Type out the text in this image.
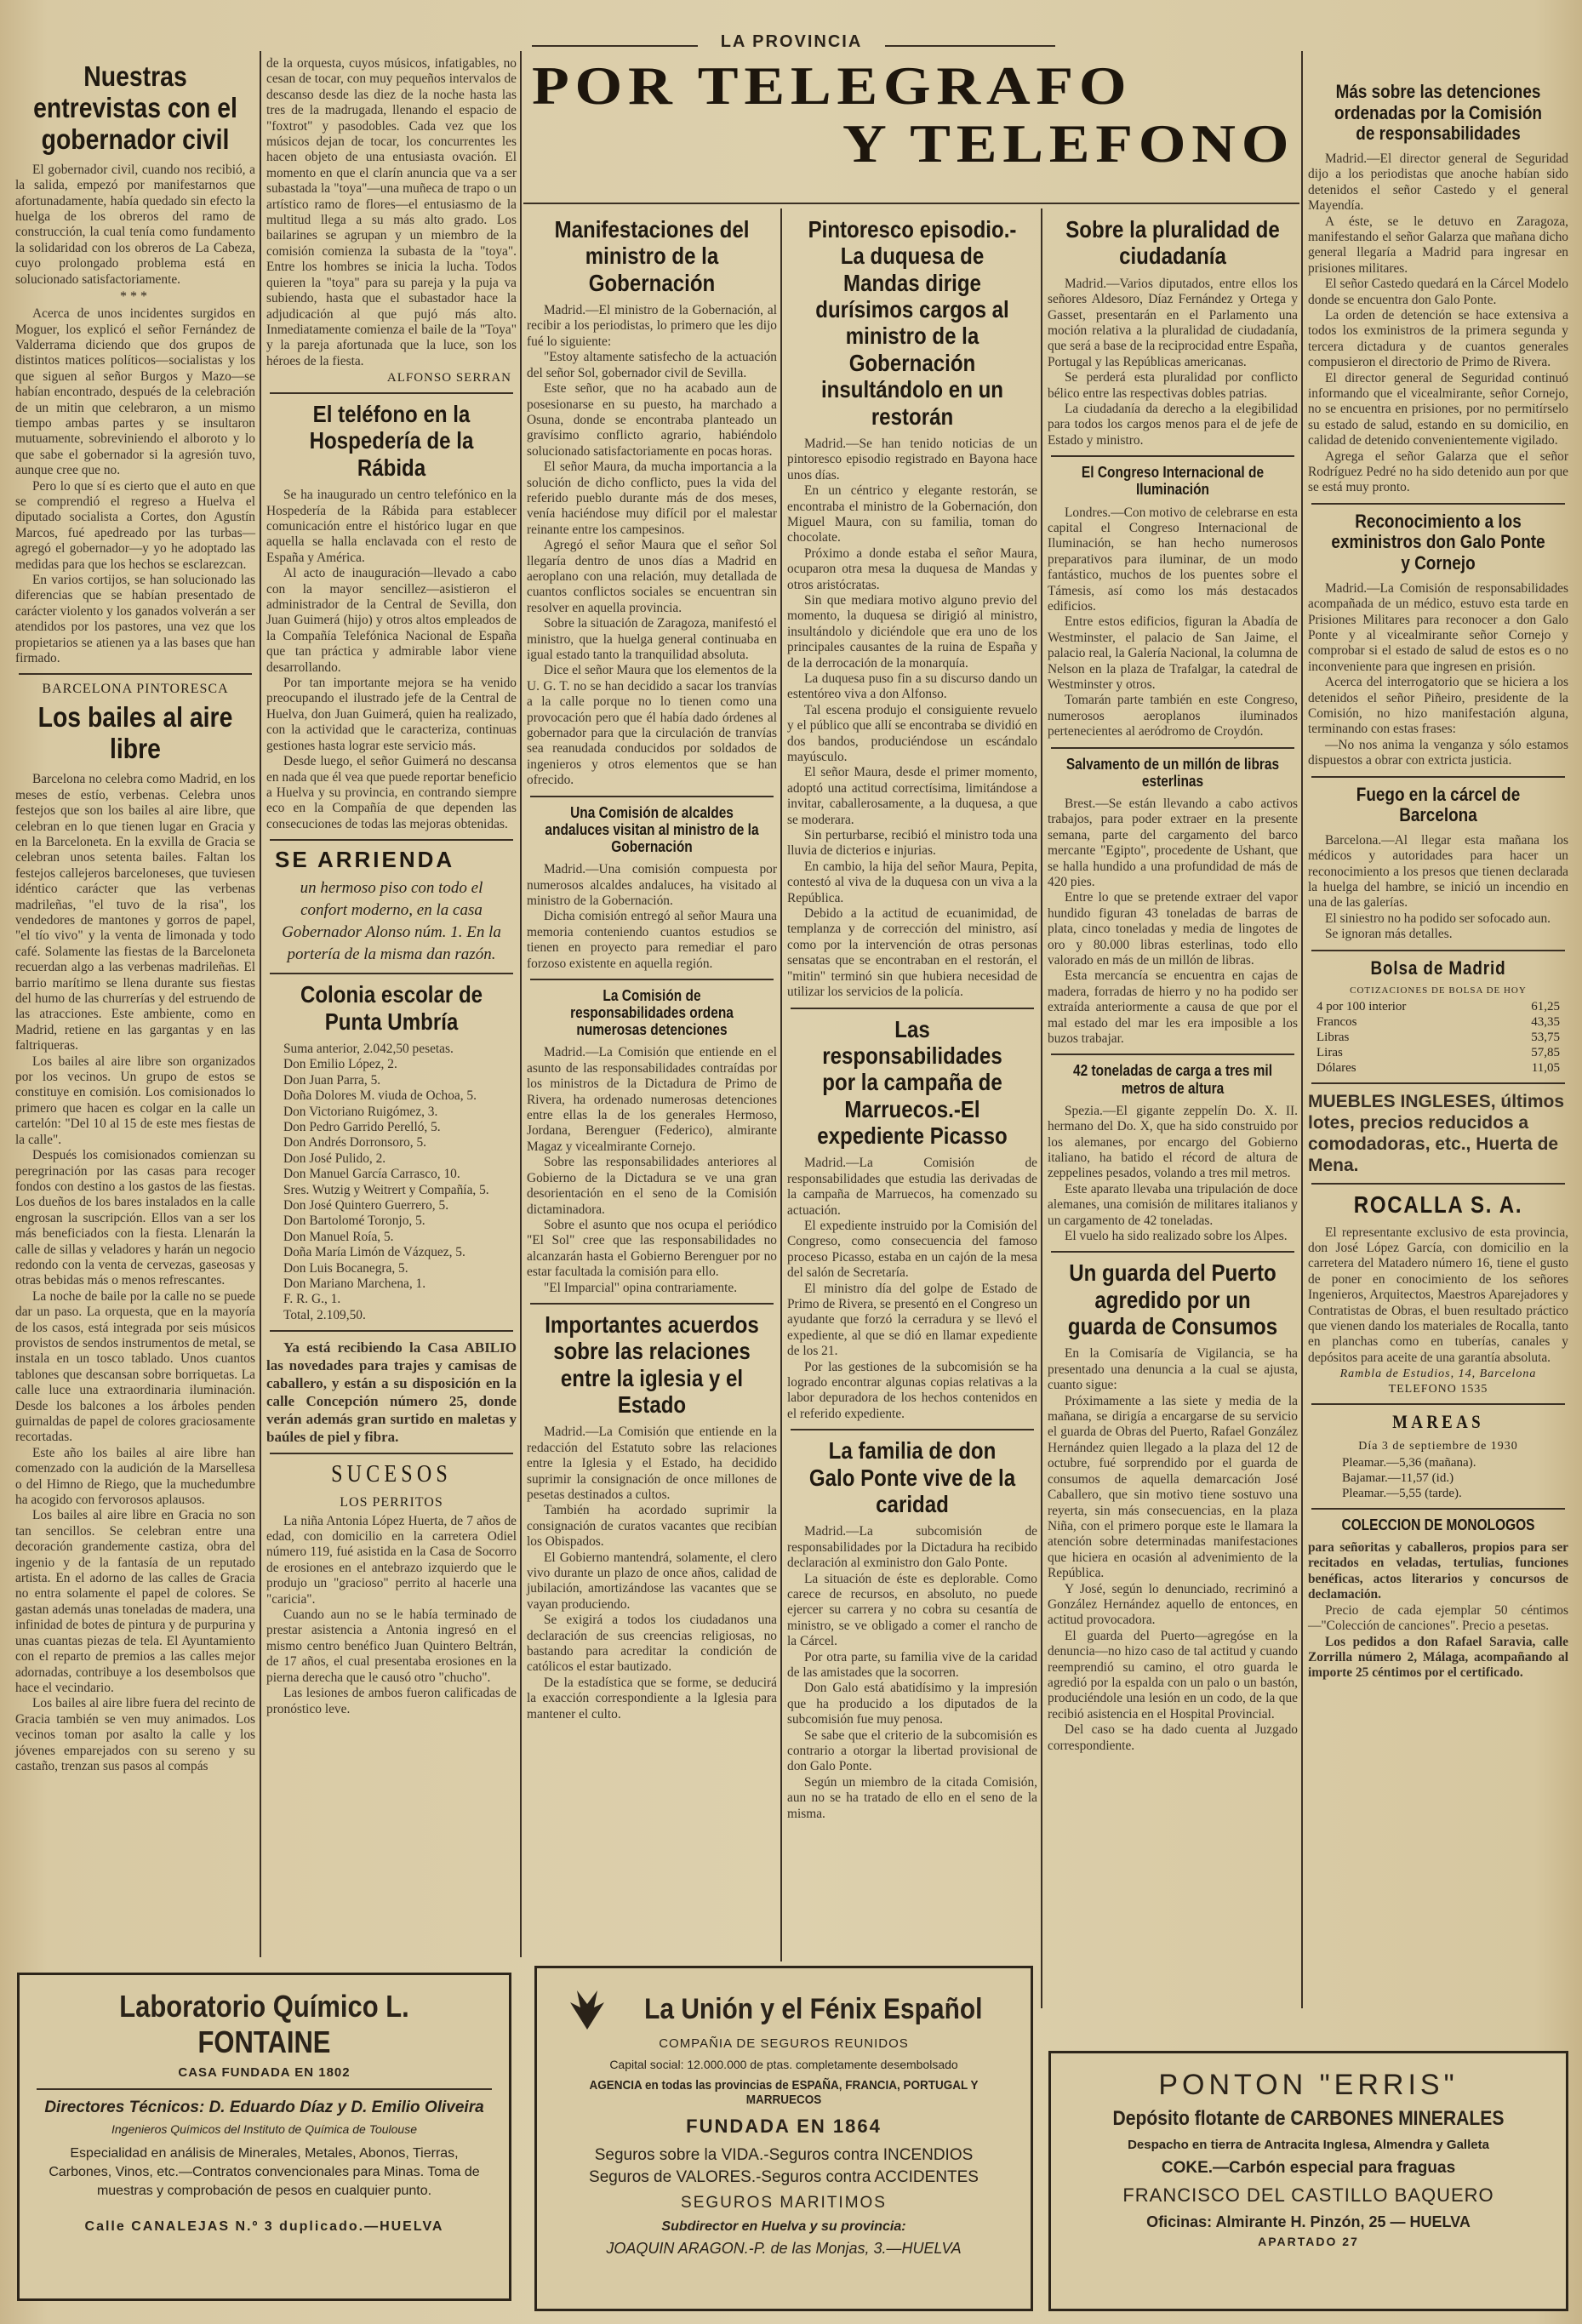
LA PROVINCIA
POR TELEGRAFO
Y TELEFONO
Nuestras entrevistas con el gobernador civil

El gobernador civil, cuando nos recibió, a la salida, empezó por manifestarnos que afortunadamente, había quedado sin efecto la huelga de los obreros del ramo de construcción, la cual tenía como fundamento la solidaridad con los obreros de La Cabeza, cuyo prolongado problema está en solucionado satisfactoriamente.

***

Acerca de unos incidentes surgidos en Moguer, los explicó el señor Fernández de Valderrama diciendo que dos grupos de distintos matices políticos—socialistas y los que siguen al señor Burgos y Mazo—se habían encontrado, después de la celebración de un mitin que celebraron, a un mismo tiempo ambas partes y se insultaron mutuamente, sobreviniendo el alboroto y lo que sabe el gobernador si la agresión tuvo, aunque cree que no.

Pero lo que sí es cierto que el auto en que se comprendió el regreso a Huelva el diputado socialista a Cortes, don Agustín Marcos, fué apedreado por las turbas—agregó el gobernador—y yo he adoptado las medidas para que los hechos se esclarezcan.

En varios cortijos, se han solucionado las diferencias que se habían presentado de carácter violento y los ganados volverán a ser atendidos por los pastores, una vez que los propietarios se atienen ya a las bases que han firmado.

BARCELONA PINTORESCA
Los bailes al aire libre

Barcelona no celebra como Madrid, en los meses de estío, verbenas. Celebra unos festejos que son los bailes al aire libre, que celebran en lo que tienen lugar en Gracia y en la Barceloneta. En la exvilla de Gracia se celebran unos setenta bailes. Faltan los festejos callejeros barceloneses, que tuviesen idéntico carácter que las verbenas madrileñas, "el tuvo de la risa", los vendedores de mantones y gorros de papel, "el tío vivo" y la venta de limonada y todo café. Solamente las fiestas de la Barceloneta recuerdan algo a las verbenas madrileñas. El barrio marítimo se llena durante sus fiestas del humo de las churrerías y del estruendo de las atracciones. Este ambiente, como en Madrid, retiene en las gargantas y en las faltriqueras.

Los bailes al aire libre son organizados por los vecinos. Un grupo de estos se constituye en comisión. Los comisionados lo primero que hacen es colgar en la calle un cartelón: "Del 10 al 15 de este mes fiestas de la calle".

Después los comisionados comienzan su peregrinación por las casas para recoger fondos con destino a los gastos de las fiestas. Los dueños de los bares instalados en la calle engrosan la suscripción. Ellos van a ser los más beneficiados con la fiesta. Llenarán la calle de sillas y veladores y harán un negocio redondo con la venta de cervezas, gaseosas y otras bebidas más o menos refrescantes.

La noche de baile por la calle no se puede dar un paso. La orquesta, que en la mayoría de los casos, está integrada por seis músicos provistos de sendos instrumentos de metal, se instala en un tosco tablado. Unos cuantos tablones que descansan sobre borriquetas. La calle luce una extraordinaria iluminación. Desde los balcones a los árboles penden guirnaldas de papel de colores graciosamente recortadas.

Este año los bailes al aire libre han comenzado con la audición de la Marsellesa o del Himno de Riego, que la muchedumbre ha acogido con fervorosos aplausos.

Los bailes al aire libre en Gracia no son tan sencillos. Se celebran entre una decoración grandemente castiza, obra del ingenio y de la fantasía de un reputado artista. En el adorno de las calles de Gracia no entra solamente el papel de colores. Se gastan además unas toneladas de madera, una infinidad de botes de pintura y de purpurina y unas cuantas piezas de tela. El Ayuntamiento con el reparto de premios a las calles mejor adornadas, contribuye a los desembolsos que hace el vecindario.

Los bailes al aire libre fuera del recinto de Gracia también se ven muy animados. Los vecinos toman por asalto la calle y los jóvenes emparejados con su sereno y su castaño, trenzan sus pasos al compás

de la orquesta, cuyos músicos, infatigables, no cesan de tocar, con muy pequeños intervalos de descanso desde las diez de la noche hasta las tres de la madrugada, llenando el espacio de "foxtrot" y pasodobles. Cada vez que los músicos dejan de tocar, los concurrentes les hacen objeto de una entusiasta ovación. El momento en que el clarín anuncia que va a ser subastada la "toya"—una muñeca de trapo o un artístico ramo de flores—el entusiasmo de la multitud llega a su más alto grado. Los bailarines se agrupan y un miembro de la comisión comienza la subasta de la "toya". Entre los hombres se inicia la lucha. Todos quieren la "toya" para su pareja y la puja va subiendo, hasta que el subastador hace la adjudicación al que pujó más alto. Inmediatamente comienza el baile de la "Toya" y la pareja afortunada que la luce, son los héroes de la fiesta.

ALFONSO SERRAN
El teléfono en la Hospedería de la Rábida

Se ha inaugurado un centro telefónico en la Hospedería de la Rábida para establecer comunicación entre el histórico lugar en que aquella se halla enclavada con el resto de España y América.

Al acto de inauguración—llevado a cabo con la mayor sencillez—asistieron el administrador de la Central de Sevilla, don Juan Guimerá (hijo) y otros altos empleados de la Compañía Telefónica Nacional de España que tan práctica y admirable labor viene desarrollando.

Por tan importante mejora se ha venido preocupando el ilustrado jefe de la Central de Huelva, don Juan Guimerá, quien ha realizado, con la actividad que le caracteriza, continuas gestiones hasta lograr este servicio más.

Desde luego, el señor Guimerá no descansa en nada que él vea que puede reportar beneficio a Huelva y su provincia, en contrando siempre eco en la Compañía de que dependen las consecuciones de todas las mejoras obtenidas.

SE ARRIENDA
un hermoso piso con todo el confort moderno, en la casa Gobernador Alonso núm. 1. En la portería de la misma dan razón.
Colonia escolar de Punta Umbría
Suma anterior, 2.042,50 pesetas.
Don Emilio López, 2.
Don Juan Parra, 5.
Doña Dolores M. viuda de Ochoa, 5.
Don Victoriano Ruigómez, 3.
Don Pedro Garrido Perelló, 5.
Don Andrés Dorronsoro, 5.
Don José Pulido, 2.
Don Manuel García Carrasco, 10.
Sres. Wutzig y Weitrert y Compañía, 5.
Don José Quintero Guerrero, 5.
Don Bartolomé Toronjo, 5.
Don Manuel Roía, 5.
Doña María Limón de Vázquez, 5.
Don Luis Bocanegra, 5.
Don Mariano Marchena, 1.
F. R. G., 1.
Total, 2.109,50.

Ya está recibiendo la Casa ABILIO las novedades para trajes y camisas de caballero, y están a su disposición en la calle Concepción número 25, donde verán además gran surtido en maletas y baúles de piel y fibra.

SUCESOS
LOS PERRITOS

La niña Antonia López Huerta, de 7 años de edad, con domicilio en la carretera Odiel número 119, fué asistida en la Casa de Socorro de erosiones en el antebrazo izquierdo que le produjo un "gracioso" perrito al hacerle una "caricia".

Cuando aun no se le había terminado de prestar asistencia a Antonia ingresó en el mismo centro benéfico Juan Quintero Beltrán, de 17 años, el cual presentaba erosiones en la pierna derecha que le causó otro "chucho".

Las lesiones de ambos fueron calificadas de pronóstico leve.

Manifestaciones del ministro de la Gobernación

Madrid.—El ministro de la Gobernación, al recibir a los periodistas, lo primero que les dijo fué lo siguiente:

"Estoy altamente satisfecho de la actuación del señor Sol, gobernador civil de Sevilla.

Este señor, que no ha acabado aun de posesionarse en su puesto, ha marchado a Osuna, donde se encontraba planteado un gravísimo conflicto agrario, habiéndolo solucionado satisfactoriamente en pocas horas.

El señor Maura, da mucha importancia a la solución de dicho conflicto, pues la vida del referido pueblo durante más de dos meses, venía haciéndose muy difícil por el malestar reinante entre los campesinos.

Agregó el señor Maura que el señor Sol llegaría dentro de unos días a Madrid en aeroplano con una relación, muy detallada de cuantos conflictos sociales se encuentran sin resolver en aquella provincia.

Sobre la situación de Zaragoza, manifestó el ministro, que la huelga general continuaba en igual estado tanto la tranquilidad absoluta.

Dice el señor Maura que los elementos de la U. G. T. no se han decidido a sacar los tranvías a la calle porque no lo tienen como una provocación pero que él había dado órdenes al gobernador para que la circulación de tranvías sea reanudada conducidos por soldados de ingenieros y otros elementos que se han ofrecido.

Una Comisión de alcaldes andaluces visitan al ministro de la Gobernación

Madrid.—Una comisión compuesta por numerosos alcaldes andaluces, ha visitado al ministro de la Gobernación.

Dicha comisión entregó al señor Maura una memoria conteniendo cuantos estudios se tienen en proyecto para remediar el paro forzoso existente en aquella región.

La Comisión de responsabilidades ordena numerosas detenciones

Madrid.—La Comisión que entiende en el asunto de las responsabilidades contraídas por los ministros de la Dictadura de Primo de Rivera, ha ordenado numerosas detenciones entre ellas la de los generales Hermoso, Jordana, Berenguer (Federico), almirante Magaz y vicealmirante Cornejo.

Sobre las responsabilidades anteriores al Gobierno de la Dictadura se ve una gran desorientación en el seno de la Comisión dictaminadora.

Sobre el asunto que nos ocupa el periódico "El Sol" cree que las responsabilidades no alcanzarán hasta el Gobierno Berenguer por no estar facultada la comisión para ello.

"El Imparcial" opina contrariamente.

Importantes acuerdos sobre las relaciones entre la iglesia y el Estado

Madrid.—La Comisión que entiende en la redacción del Estatuto sobre las relaciones entre la Iglesia y el Estado, ha decidido suprimir la consignación de once millones de pesetas destinados a cultos.

También ha acordado suprimir la consignación de curatos vacantes que recibían los Obispados.

El Gobierno mantendrá, solamente, el clero vivo durante un plazo de once años, calidad de jubilación, amortizándose las vacantes que se vayan produciendo.

Se exigirá a todos los ciudadanos una declaración de sus creencias religiosas, no bastando para acreditar la condición de católicos el estar bautizado.

De la estadística que se forme, se deducirá la exacción correspondiente a la Iglesia para mantener el culto.

Pintoresco episodio.-La duquesa de Mandas dirige durísimos cargos al ministro de la Gobernación insultándolo en un restorán

Madrid.—Se han tenido noticias de un pintoresco episodio registrado en Bayona hace unos días.

En un céntrico y elegante restorán, se encontraba el ministro de la Gobernación, don Miguel Maura, con su familia, toman do chocolate.

Próximo a donde estaba el señor Maura, ocuparon otra mesa la duquesa de Mandas y otros aristócratas.

Sin que mediara motivo alguno previo del momento, la duquesa se dirigió al ministro, insultándolo y diciéndole que era uno de los principales causantes de la ruina de España y de la derrocación de la monarquía.

La duquesa puso fin a su discurso dando un estentóreo viva a don Alfonso.

Tal escena produjo el consiguiente revuelo y el público que allí se encontraba se dividió en dos bandos, produciéndose un escándalo mayúsculo.

El señor Maura, desde el primer momento, adoptó una actitud correctísima, limitándose a invitar, caballerosamente, a la duquesa, a que se moderara.

Sin perturbarse, recibió el ministro toda una lluvia de dicterios e injurias.

En cambio, la hija del señor Maura, Pepita, contestó al viva de la duquesa con un viva a la República.

Debido a la actitud de ecuanimidad, de templanza y de corrección del ministro, así como por la intervención de otras personas sensatas que se encontraban en el restorán, el "mitin" terminó sin que hubiera necesidad de utilizar los servicios de la policía.

Las responsabilidades por la campaña de Marruecos.-El expediente Picasso

Madrid.—La Comisión de responsabilidades que estudia las derivadas de la campaña de Marruecos, ha comenzado su actuación.

El expediente instruido por la Comisión del Congreso, como consecuencia del famoso proceso Picasso, estaba en un cajón de la mesa del salón de Secretaría.

El ministro día del golpe de Estado de Primo de Rivera, se presentó en el Congreso un ayudante que forzó la cerradura y se llevó el expediente, al que se dió en llamar expediente de los 21.

Por las gestiones de la subcomisión se ha logrado encontrar algunas copias relativas a la labor depuradora de los hechos contenidos en el referido expediente.

La familia de don Galo Ponte vive de la caridad

Madrid.—La subcomisión de responsabilidades por la Dictadura ha recibido declaración al exministro don Galo Ponte.

La situación de éste es deplorable. Como carece de recursos, en absoluto, no puede ejercer su carrera y no cobra su cesantía de ministro, se ve obligado a comer el rancho de la Cárcel.

Por otra parte, su familia vive de la caridad de las amistades que la socorren.

Don Galo está abatidísimo y la impresión que ha producido a los diputados de la subcomisión fue muy penosa.

Se sabe que el criterio de la subcomisión es contrario a otorgar la libertad provisional de don Galo Ponte.

Según un miembro de la citada Comisión, aun no se ha tratado de ello en el seno de la misma.

Sobre la pluralidad de ciudadanía

Madrid.—Varios diputados, entre ellos los señores Aldesoro, Díaz Fernández y Ortega y Gasset, presentarán en el Parlamento una moción relativa a la pluralidad de ciudadanía, que será a base de la reciprocidad entre España, Portugal y las Repúblicas americanas.

Se perderá esta pluralidad por conflicto bélico entre las respectivas dobles patrias.

La ciudadanía da derecho a la elegibilidad para todos los cargos menos para el de jefe de Estado y ministro.

El Congreso Internacional de Iluminación

Londres.—Con motivo de celebrarse en esta capital el Congreso Internacional de Iluminación, se han hecho numerosos preparativos para iluminar, de un modo fantástico, muchos de los puentes sobre el Támesis, así como los más destacados edificios.

Entre estos edificios, figuran la Abadía de Westminster, el palacio de San Jaime, el palacio real, la Galería Nacional, la columna de Nelson en la plaza de Trafalgar, la catedral de Westminster y otros.

Tomarán parte también en este Congreso, numerosos aeroplanos iluminados pertenecientes al aeródromo de Croydón.

Salvamento de un millón de libras esterlinas

Brest.—Se están llevando a cabo activos trabajos, para poder extraer en la presente semana, parte del cargamento del barco mercante "Egipto", procedente de Ushant, que se halla hundido a una profundidad de más de 420 pies.

Entre lo que se pretende extraer del vapor hundido figuran 43 toneladas de barras de plata, cinco toneladas y media de lingotes de oro y 80.000 libras esterlinas, todo ello valorado en más de un millón de libras.

Esta mercancía se encuentra en cajas de madera, forradas de hierro y no ha podido ser extraída anteriormente a causa de que por el mal estado del mar les era imposible a los buzos trabajar.

42 toneladas de carga a tres mil metros de altura

Spezia.—El gigante zeppelín Do. X. II. hermano del Do. X, que ha sido construido por los alemanes, por encargo del Gobierno italiano, ha batido el récord de altura de zeppelines pesados, volando a tres mil metros.

Este aparato llevaba una tripulación de doce alemanes, una comisión de militares italianos y un cargamento de 42 toneladas.

El vuelo ha sido realizado sobre los Alpes.

Un guarda del Puerto agredido por un guarda de Consumos

En la Comisaría de Vigilancia, se ha presentado una denuncia a la cual se ajusta, cuanto sigue:

Próximamente a las siete y media de la mañana, se dirigía a encargarse de su servicio el guarda de Obras del Puerto, Rafael González Hernández quien llegado a la plaza del 12 de octubre, fué sorprendido por el guarda de consumos de aquella demarcación José Caballero, que sin motivo tiene sostuvo una reyerta, sin más consecuencias, en la plaza Niña, con el primero porque este le llamara la atención sobre determinadas manifestaciones que hiciera en ocasión al advenimiento de la República.

Y José, según lo denunciado, recriminó a González Hernández aquello de entonces, en actitud provocadora.

El guarda del Puerto—agregóse en la denuncia—no hizo caso de tal actitud y cuando reemprendió su camino, el otro guarda le agredió por la espalda con un palo o un bastón, produciéndole una lesión en un codo, de la que recibió asistencia en el Hospital Provincial.

Del caso se ha dado cuenta al Juzgado correspondiente.

Más sobre las detenciones ordenadas por la Comisión de responsabilidades

Madrid.—El director general de Seguridad dijo a los periodistas que anoche habían sido detenidos el señor Castedo y el general Mayendía.

A éste, se le detuvo en Zaragoza, manifestando el señor Galarza que mañana dicho general llegaría a Madrid para ingresar en prisiones militares.

El señor Castedo quedará en la Cárcel Modelo donde se encuentra don Galo Ponte.

La orden de detención se hace extensiva a todos los exministros de la primera segunda y tercera dictadura y de cuantos generales compusieron el directorio de Primo de Rivera.

El director general de Seguridad continuó informando que el vicealmirante, señor Cornejo, no se encuentra en prisiones, por no permitírselo su estado de salud, estando en su domicilio, en calidad de detenido convenientemente vigilado.

Agrega el señor Galarza que el señor Rodríguez Pedré no ha sido detenido aun por que se está muy pronto.

Reconocimiento a los exministros don Galo Ponte y Cornejo

Madrid.—La Comisión de responsabilidades acompañada de un médico, estuvo esta tarde en Prisiones Militares para reconocer a don Galo Ponte y al vicealmirante señor Cornejo y comprobar si el estado de salud de estos es o no inconveniente para que ingresen en prisión.

Acerca del interrogatorio que se hiciera a los detenidos el señor Piñeiro, presidente de la Comisión, no hizo manifestación alguna, terminando con estas frases:

—No nos anima la venganza y sólo estamos dispuestos a obrar con extricta justicia.

Fuego en la cárcel de Barcelona

Barcelona.—Al llegar esta mañana los médicos y autoridades para hacer un reconocimiento a los presos que tienen declarada la huelga del hambre, se inició un incendio en una de las galerías.

El siniestro no ha podido ser sofocado aun.

Se ignoran más detalles.

Bolsa de Madrid
COTIZACIONES DE BOLSA DE HOY
4 por 100 interior	61,25
Francos	43,35
Libras	53,75
Liras	57,85
Dólares	11,05

MUEBLES INGLESES, últimos lotes, precios reducidos a comodadoras, etc., Huerta de Mena.

ROCALLA S. A.

El representante exclusivo de esta provincia, don José López García, con domicilio en la carretera del Matadero número 16, tiene el gusto de poner en conocimiento de los señores Ingenieros, Arquitectos, Maestros Aparejadores y Contratistas de Obras, el buen resultado práctico que vienen dando los materiales de Rocalla, tanto en planchas como en tuberías, canales y depósitos para aceite de una garantía absoluta.

Rambla de Estudios, 14, Barcelona
TELEFONO 1535
MAREAS
Día 3 de septiembre de 1930
Pleamar.—5,36 (mañana).
Bajamar.—11,57 (id.)
Pleamar.—5,55 (tarde).
COLECCION DE MONOLOGOS

para señoritas y caballeros, propios para ser recitados en veladas, tertulias, funciones benéficas, actos literarios y concursos de declamación.

Precio de cada ejemplar 50 céntimos—"Colección de canciones". Precio a pesetas.

Los pedidos a don Rafael Saravia, calle Zorrilla número 2, Málaga, acompañando al importe 25 céntimos por el certificado.

Laboratorio Químico L. FONTAINE
CASA FUNDADA EN 1802
Directores Técnicos: D. Eduardo Díaz y D. Emilio Oliveira
Ingenieros Químicos del Instituto de Química de Toulouse
Especialidad en análisis de Minerales, Metales, Abonos, Tierras, Carbones, Vinos, etc.—Contratos convencionales para Minas. Toma de muestras y comprobación de pesos en cualquier punto.
Calle CANALEJAS N.º 3 duplicado.—HUELVA
La Unión y el Fénix Español
COMPAÑIA DE SEGUROS REUNIDOS
Capital social: 12.000.000 de ptas. completamente desembolsado
AGENCIA en todas las provincias de ESPAÑA, FRANCIA, PORTUGAL Y MARRUECOS
FUNDADA EN 1864
Seguros sobre la VIDA.-Seguros contra INCENDIOS
Seguros de VALORES.-Seguros contra ACCIDENTES
SEGUROS MARITIMOS
Subdirector en Huelva y su provincia:
JOAQUIN ARAGON.-P. de las Monjas, 3.—HUELVA
PONTON "ERRIS"
Depósito flotante de CARBONES MINERALES
Despacho en tierra de Antracita Inglesa, Almendra y Galleta
COKE.—Carbón especial para fraguas
FRANCISCO DEL CASTILLO BAQUERO
Oficinas: Almirante H. Pinzón, 25 — HUELVA
APARTADO 27
